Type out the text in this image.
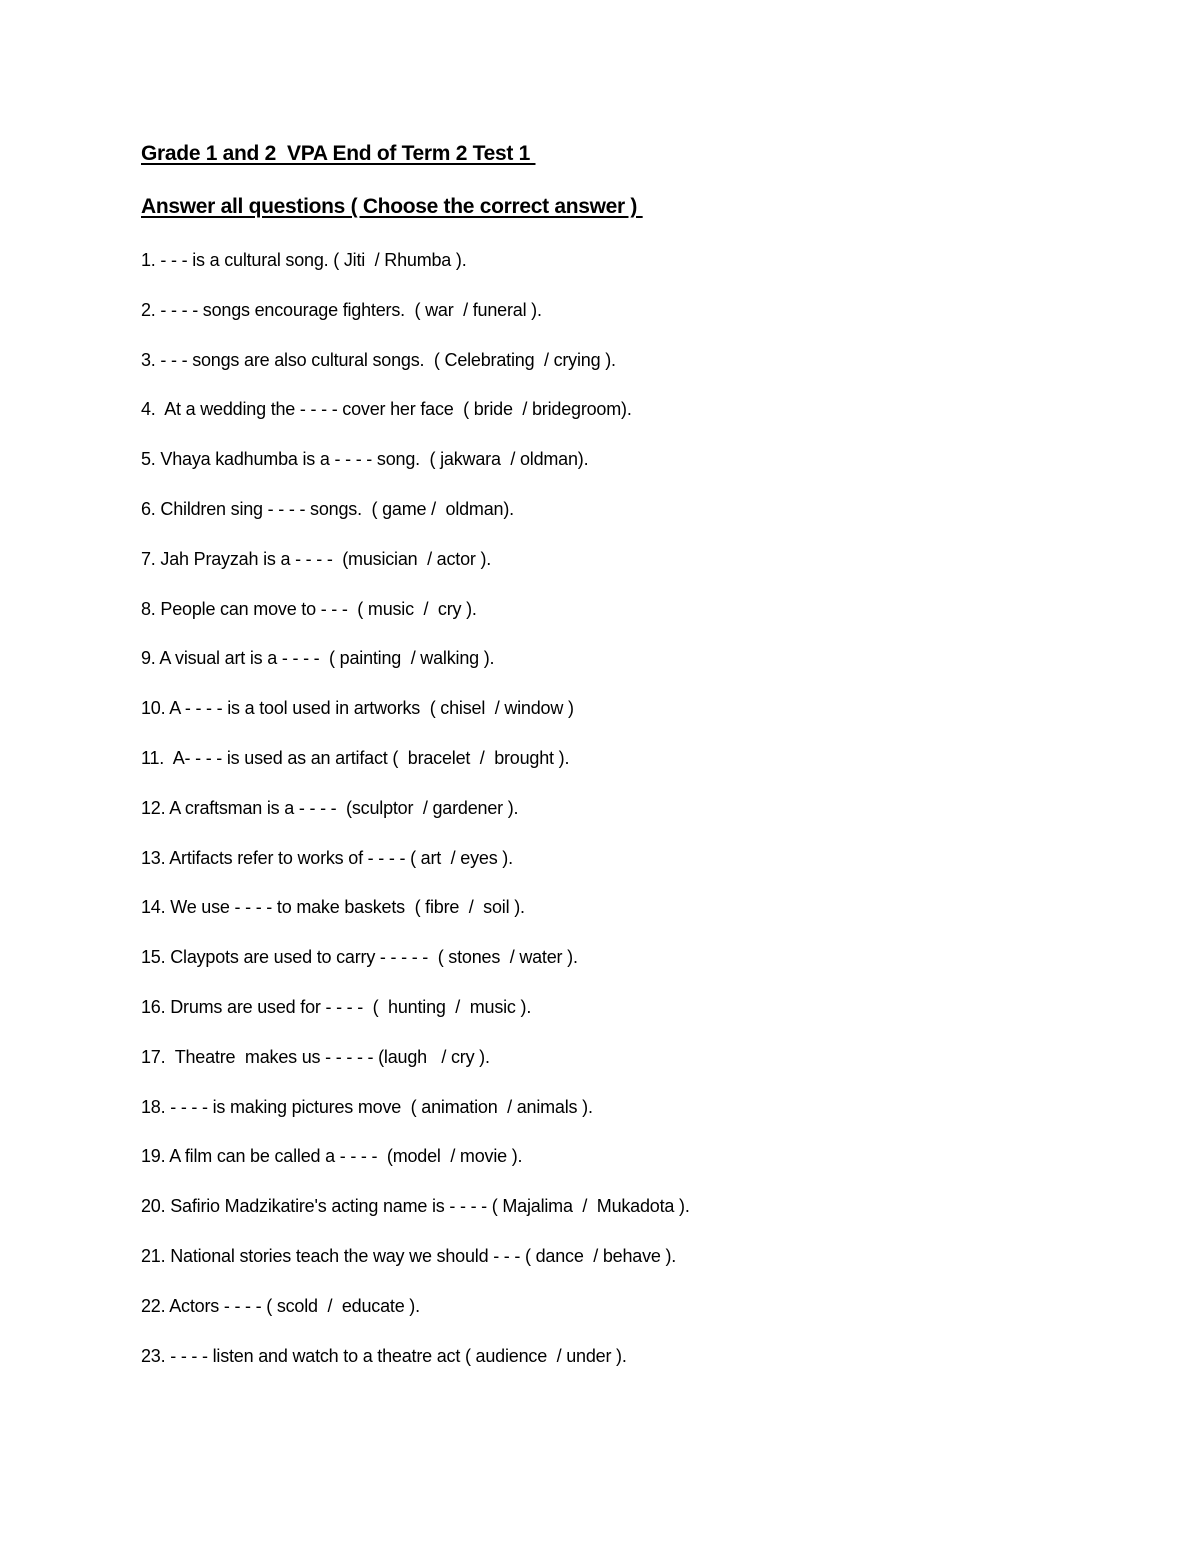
Grade 1 and 2  VPA End of Term 2 Test 1
Answer all questions ( Choose the correct answer )
1. - - - is a cultural song. ( Jiti  / Rhumba ).
2. - - - - songs encourage fighters.  ( war  / funeral ).
3. - - - songs are also cultural songs.  ( Celebrating  / crying ).
4.  At a wedding the - - - - cover her face  ( bride  / bridegroom).
5. Vhaya kadhumba is a - - - - song.  ( jakwara  / oldman).
6. Children sing - - - - songs.  ( game /  oldman).
7. Jah Prayzah is a - - - -  (musician  / actor ).
8. People can move to - - -  ( music  /  cry ).
9. A visual art is a - - - -  ( painting  / walking ).
10. A - - - - is a tool used in artworks  ( chisel  / window )
11.  A- - - - is used as an artifact (  bracelet  /  brought ).
12. A craftsman is a - - - -  (sculptor  / gardener ).
13. Artifacts refer to works of - - - - ( art  / eyes ).
14. We use - - - - to make baskets  ( fibre  /  soil ).
15. Claypots are used to carry - - - - -  ( stones  / water ).
16. Drums are used for - - - -  (  hunting  /  music ).
17.  Theatre  makes us - - - - - (laugh   / cry ).
18. - - - - is making pictures move  ( animation  / animals ).
19. A film can be called a - - - -  (model  / movie ).
20. Safirio Madzikatire's acting name is - - - - ( Majalima  /  Mukadota ).
21. National stories teach the way we should - - - ( dance  / behave ).
22. Actors - - - - ( scold  /  educate ).
23. - - - - listen and watch to a theatre act ( audience  / under ).
